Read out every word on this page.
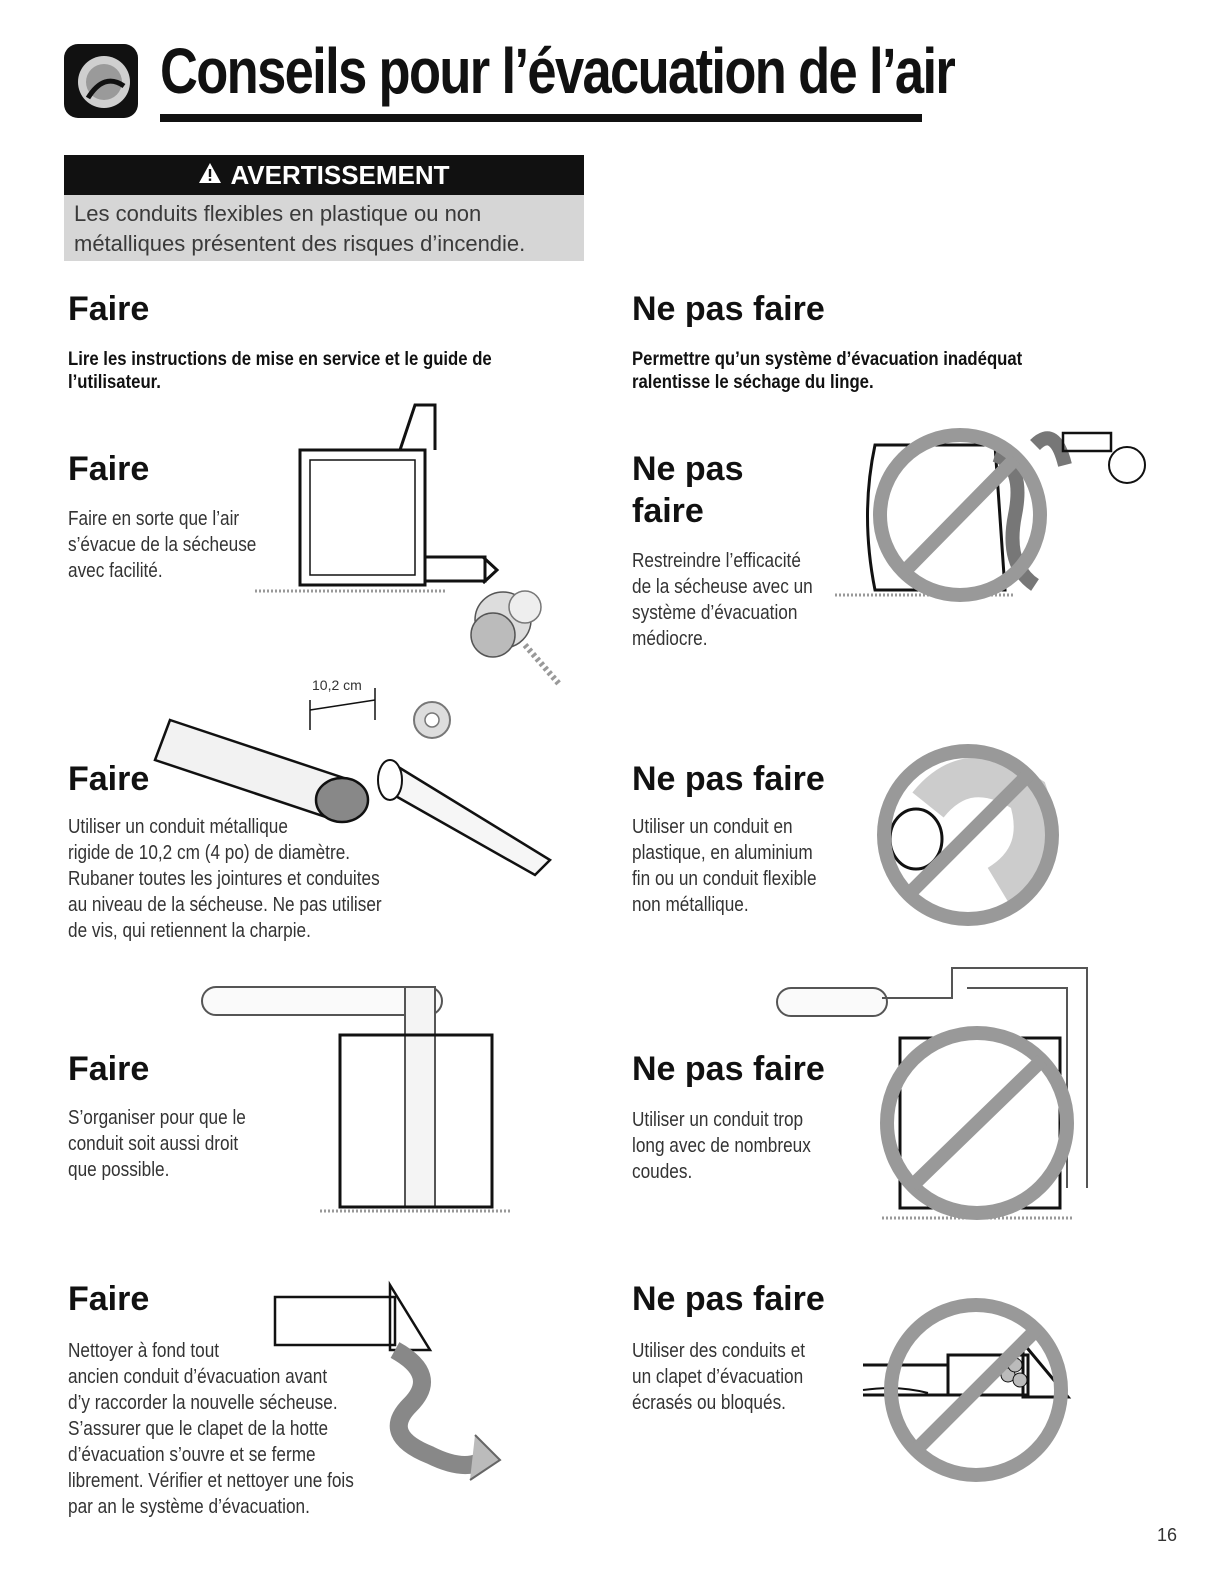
Conseils pour l’évacuation de l’air
AVERTISSEMENT
Les conduits flexibles en plastique ou non métalliques présentent des risques d’incendie.
Faire
Lire les instructions de mise en service et le guide de l’utilisateur.
Ne pas faire
Permettre qu’un système d’évacuation inadéquat ralentisse le séchage du linge.
Faire
Faire en sorte que l’air
s’évacue de la sécheuse
avec facilité.
Faire
Utiliser un conduit métallique
rigide de 10,2 cm (4 po) de diamètre.
Rubaner toutes les jointures et conduites
au niveau de la sécheuse. Ne pas utiliser
de vis, qui retiennent la charpie.
10,2 cm
Faire
S’organiser pour que le
conduit soit aussi droit
que possible.
Faire
Nettoyer à fond tout
ancien conduit d’évacuation avant
d’y raccorder la nouvelle sécheuse.
S’assurer que le clapet de la hotte
d’évacuation s’ouvre et se ferme
librement. Vérifier et nettoyer une fois
par an le système d’évacuation.
Ne pas
faire
Restreindre l’efficacité
de la sécheuse avec un
système d’évacuation
médiocre.
Ne pas faire
Utiliser un conduit en
plastique, en aluminium
fin ou un conduit flexible
non métallique.
Ne pas faire
Utiliser un conduit trop
long avec de nombreux
coudes.
Ne pas faire
Utiliser des conduits et
un clapet d’évacuation
écrasés ou bloqués.
16
